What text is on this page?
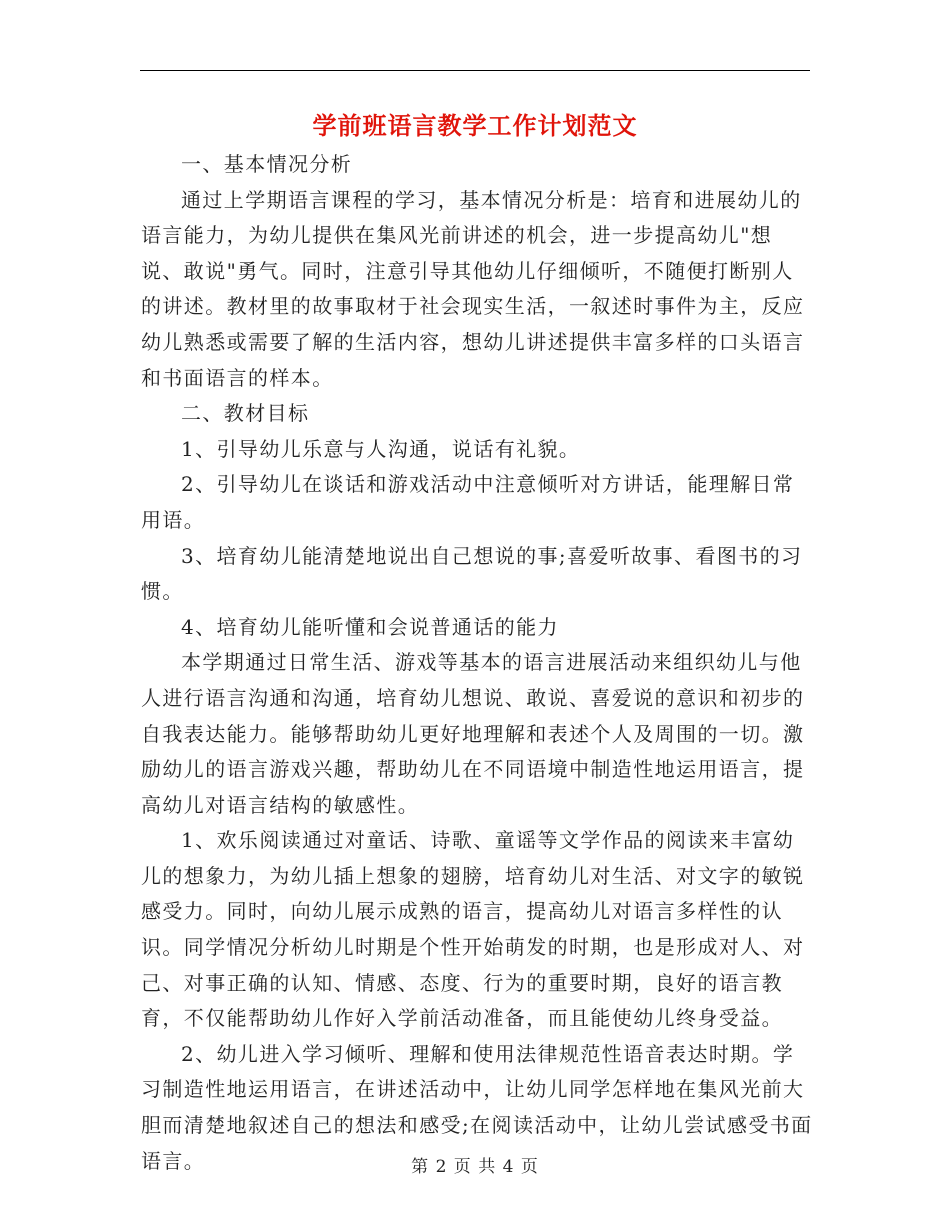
学前班语言教学工作计划范文

一、基本情况分析

通过上学期语言课程的学习，基本情况分析是：培育和进展幼儿的语言能力，为幼儿提供在集风光前讲述的机会，进一步提高幼儿"想说、敢说"勇气。同时，注意引导其他幼儿仔细倾听，不随便打断别人的讲述。教材里的故事取材于社会现实生活，一叙述时事件为主，反应幼儿熟悉或需要了解的生活内容，想幼儿讲述提供丰富多样的口头语言和书面语言的样本。

二、教材目标

1、引导幼儿乐意与人沟通，说话有礼貌。

2、引导幼儿在谈话和游戏活动中注意倾听对方讲话，能理解日常用语。

3、培育幼儿能清楚地说出自己想说的事;喜爱听故事、看图书的习惯。

4、培育幼儿能听懂和会说普通话的能力

本学期通过日常生活、游戏等基本的语言进展活动来组织幼儿与他人进行语言沟通和沟通，培育幼儿想说、敢说、喜爱说的意识和初步的自我表达能力。能够帮助幼儿更好地理解和表述个人及周围的一切。激励幼儿的语言游戏兴趣，帮助幼儿在不同语境中制造性地运用语言，提高幼儿对语言结构的敏感性。

1、欢乐阅读通过对童话、诗歌、童谣等文学作品的阅读来丰富幼儿的想象力，为幼儿插上想象的翅膀，培育幼儿对生活、对文字的敏锐感受力。同时，向幼儿展示成熟的语言，提高幼儿对语言多样性的认识。同学情况分析幼儿时期是个性开始萌发的时期，也是形成对人、对己、对事正确的认知、情感、态度、行为的重要时期，良好的语言教育，不仅能帮助幼儿作好入学前活动准备，而且能使幼儿终身受益。

2、幼儿进入学习倾听、理解和使用法律规范性语音表达时期。学习制造性地运用语言，在讲述活动中，让幼儿同学怎样地在集风光前大胆而清楚地叙述自己的想法和感受;在阅读活动中，让幼儿尝试感受书面语言。	第 2 页 共 4 页
